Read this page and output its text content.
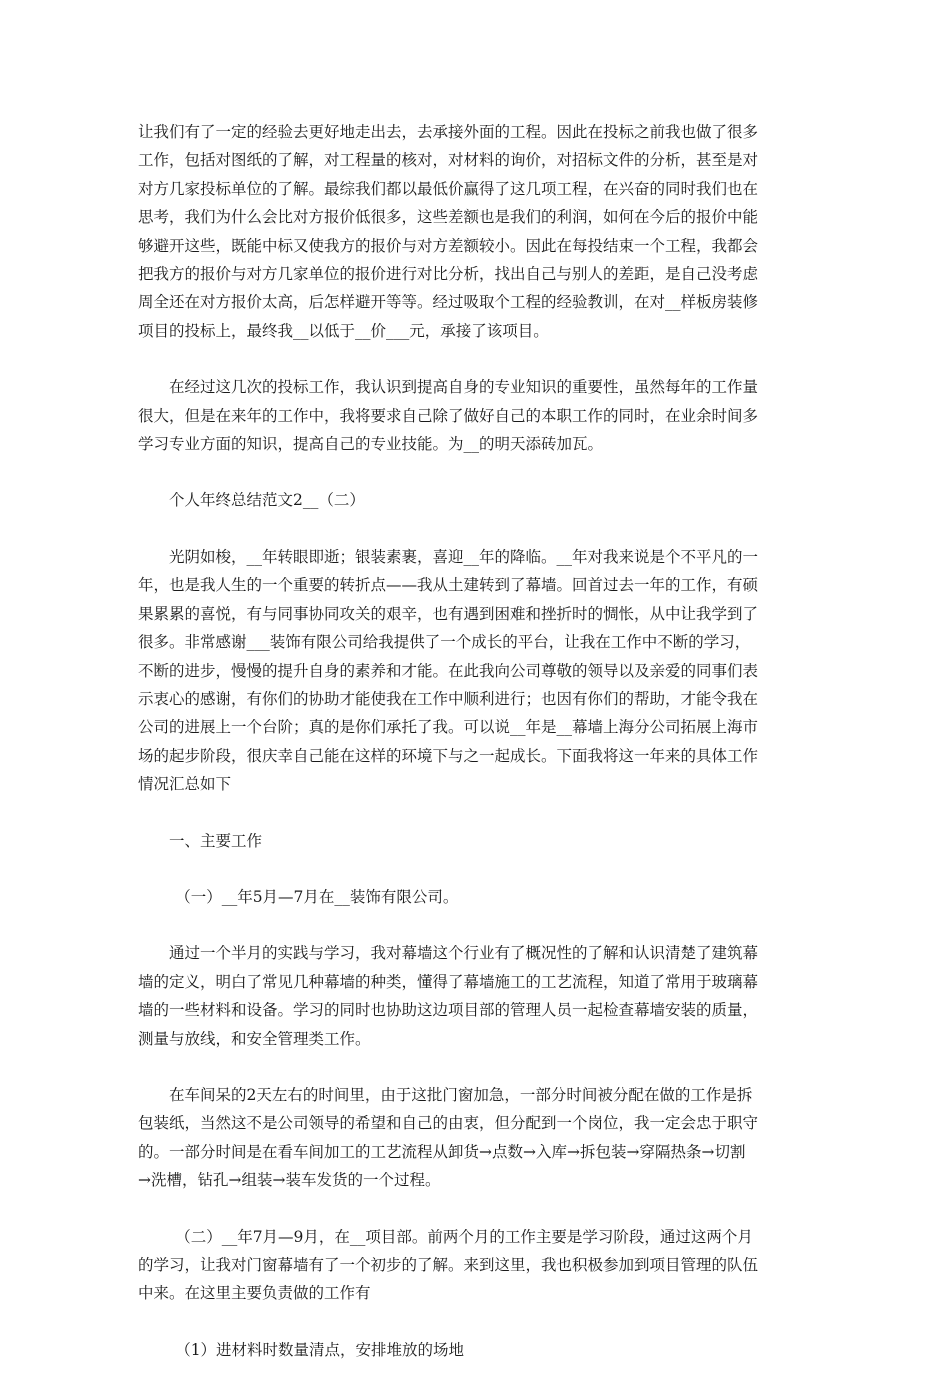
让我们有了一定的经验去更好地走出去，去承接外面的工程。因此在投标之前我也做了很多
工作，包括对图纸的了解，对工程量的核对，对材料的询价，对招标文件的分析，甚至是对
对方几家投标单位的了解。最综我们都以最低价赢得了这几项工程，在兴奋的同时我们也在
思考，我们为什么会比对方报价低很多，这些差额也是我们的利润，如何在今后的报价中能
够避开这些，既能中标又使我方的报价与对方差额较小。因此在每投结束一个工程，我都会
把我方的报价与对方几家单位的报价进行对比分析，找出自己与别人的差距，是自己没考虑
周全还在对方报价太高，后怎样避开等等。经过吸取个工程的经验教训，在对__样板房装修
项目的投标上，最终我__以低于__价___元，承接了该项目。
在经过这几次的投标工作，我认识到提高自身的专业知识的重要性，虽然每年的工作量
很大，但是在来年的工作中，我将要求自己除了做好自己的本职工作的同时，在业余时间多
学习专业方面的知识，提高自己的专业技能。为__的明天添砖加瓦。
个人年终总结范文2__（二）
光阴如梭，__年转眼即逝；银装素裹，喜迎__年的降临。__年对我来说是个不平凡的一
年，也是我人生的一个重要的转折点——我从土建转到了幕墙。回首过去一年的工作，有硕
果累累的喜悦，有与同事协同攻关的艰辛，也有遇到困难和挫折时的惆怅，从中让我学到了
很多。非常感谢___装饰有限公司给我提供了一个成长的平台，让我在工作中不断的学习，
不断的进步，慢慢的提升自身的素养和才能。在此我向公司尊敬的领导以及亲爱的同事们表
示衷心的感谢，有你们的协助才能使我在工作中顺利进行；也因有你们的帮助，才能令我在
公司的进展上一个台阶；真的是你们承托了我。可以说__年是__幕墙上海分公司拓展上海市
场的起步阶段，很庆幸自己能在这样的环境下与之一起成长。下面我将这一年来的具体工作
情况汇总如下
一、主要工作
（一）__年5月—7月在__装饰有限公司。
通过一个半月的实践与学习，我对幕墙这个行业有了概况性的了解和认识清楚了建筑幕
墙的定义，明白了常见几种幕墙的种类，懂得了幕墙施工的工艺流程，知道了常用于玻璃幕
墙的一些材料和设备。学习的同时也协助这边项目部的管理人员一起检查幕墙安装的质量，
测量与放线，和安全管理类工作。
在车间呆的2天左右的时间里，由于这批门窗加急，一部分时间被分配在做的工作是拆
包装纸，当然这不是公司领导的希望和自己的由衷，但分配到一个岗位，我一定会忠于职守
的。一部分时间是在看车间加工的工艺流程从卸货→点数→入库→拆包装→穿隔热条→切割
→洗槽，钻孔→组装→装车发货的一个过程。
（二）__年7月—9月，在__项目部。前两个月的工作主要是学习阶段，通过这两个月
的学习，让我对门窗幕墙有了一个初步的了解。来到这里，我也积极参加到项目管理的队伍
中来。在这里主要负责做的工作有
（1）进材料时数量清点，安排堆放的场地
